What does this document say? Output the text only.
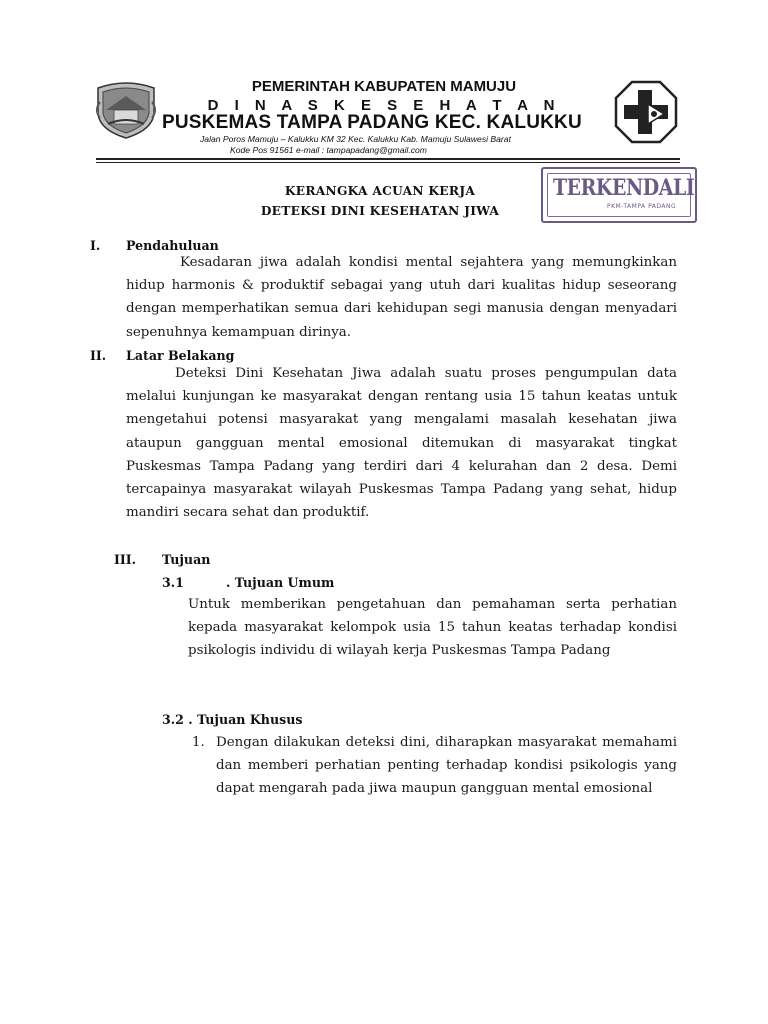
PEMERINTAH KABUPATEN MAMUJU
D I N A S K E S E H A T A N
PUSKEMAS TAMPA PADANG KEC. KALUKKU
Jalan Poros Mamuju – Kalukku KM 32 Kec. Kalukku Kab. Mamuju Sulawesi Barat
Kode Pos 91561 e-mail : tampapadang@gmail.com
KERANGKA ACUAN KERJA
DETEKSI DINI KESEHATAN JIWA
TERKENDALI
PKM-TAMPA PADANG
I. Pendahuluan
Kesadaran jiwa adalah kondisi mental sejahtera yang memungkinkan hidup harmonis & produktif sebagai yang utuh dari kualitas hidup seseorang dengan memperhatikan semua dari kehidupan segi manusia dengan menyadari sepenuhnya kemampuan dirinya.
II. Latar Belakang
Deteksi Dini Kesehatan Jiwa adalah suatu proses pengumpulan data melalui kunjungan ke masyarakat dengan rentang usia 15 tahun keatas untuk mengetahui potensi masyarakat yang mengalami masalah kesehatan jiwa ataupun gangguan mental emosional ditemukan di masyarakat tingkat Puskesmas Tampa Padang yang terdiri dari 4 kelurahan dan 2 desa. Demi tercapainya masyarakat wilayah Puskesmas Tampa Padang yang sehat, hidup mandiri secara sehat dan produktif.
III. Tujuan
3.1	. Tujuan Umum
Untuk memberikan pengetahuan dan pemahaman serta perhatian kepada masyarakat kelompok usia 15 tahun keatas terhadap kondisi psikologis individu di wilayah kerja Puskesmas Tampa Padang
3.2 . Tujuan Khusus
1. Dengan dilakukan deteksi dini, diharapkan masyarakat memahami dan memberi perhatian penting terhadap kondisi psikologis yang dapat mengarah pada jiwa maupun gangguan mental emosional
